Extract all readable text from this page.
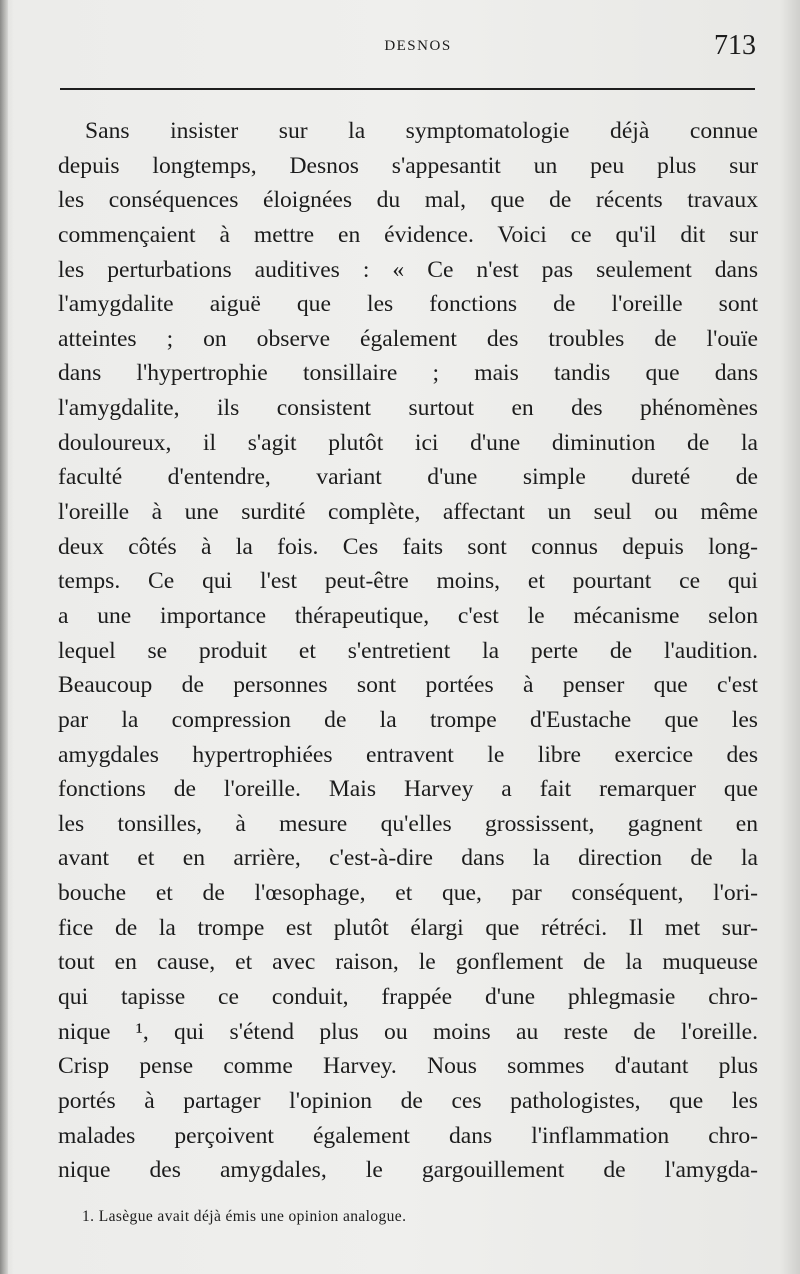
DESNOS	713
Sans insister sur la symptomatologie déjà connue
depuis longtemps, Desnos s'appesantit un peu plus sur
les conséquences éloignées du mal, que de récents travaux
commençaient à mettre en évidence. Voici ce qu'il dit sur
les perturbations auditives : « Ce n'est pas seulement dans
l'amygdalite aiguë que les fonctions de l'oreille sont
atteintes ; on observe également des troubles de l'ouïe
dans l'hypertrophie tonsillaire ; mais tandis que dans
l'amygdalite, ils consistent surtout en des phénomènes
douloureux, il s'agit plutôt ici d'une diminution de la
faculté d'entendre, variant d'une simple dureté de
l'oreille à une surdité complète, affectant un seul ou même
deux côtés à la fois. Ces faits sont connus depuis long-
temps. Ce qui l'est peut-être moins, et pourtant ce qui
a une importance thérapeutique, c'est le mécanisme selon
lequel se produit et s'entretient la perte de l'audition.
Beaucoup de personnes sont portées à penser que c'est
par la compression de la trompe d'Eustache que les
amygdales hypertrophiées entravent le libre exercice des
fonctions de l'oreille. Mais Harvey a fait remarquer que
les tonsilles, à mesure qu'elles grossissent, gagnent en
avant et en arrière, c'est-à-dire dans la direction de la
bouche et de l'œsophage, et que, par conséquent, l'ori-
fice de la trompe est plutôt élargi que rétréci. Il met sur-
tout en cause, et avec raison, le gonflement de la muqueuse
qui tapisse ce conduit, frappée d'une phlegmasie chro-
nique ¹, qui s'étend plus ou moins au reste de l'oreille.
Crisp pense comme Harvey. Nous sommes d'autant plus
portés à partager l'opinion de ces pathologistes, que les
malades perçoivent également dans l'inflammation chro-
nique des amygdales, le gargouillement de l'amygda-
1. Lasègue avait déjà émis une opinion analogue.
